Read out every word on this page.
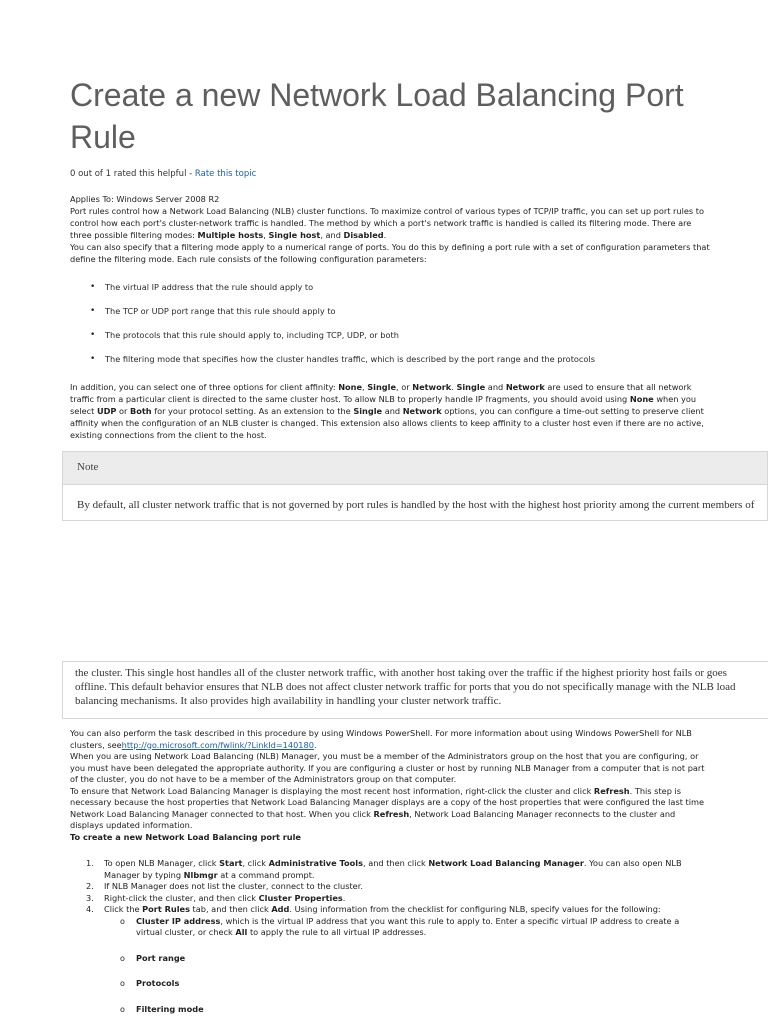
Create a new Network Load Balancing Port Rule
0 out of 1 rated this helpful - Rate this topic

Applies To: Windows Server 2008 R2

Port rules control how a Network Load Balancing (NLB) cluster functions. To maximize control of various types of TCP/IP traffic, you can set up port rules to control how each port's cluster-network traffic is handled. The method by which a port's network traffic is handled is called its filtering mode. There are three possible filtering modes: Multiple hosts, Single host, and Disabled.

You can also specify that a filtering mode apply to a numerical range of ports. You do this by defining a port rule with a set of configuration parameters that define the filtering mode. Each rule consists of the following configuration parameters:

• The virtual IP address that the rule should apply to
• The TCP or UDP port range that this rule should apply to
• The protocols that this rule should apply to, including TCP, UDP, or both
• The filtering mode that specifies how the cluster handles traffic, which is described by the port range and the protocols

In addition, you can select one of three options for client affinity: None, Single, or Network. Single and Network are used to ensure that all network traffic from a particular client is directed to the same cluster host. To allow NLB to properly handle IP fragments, you should avoid using None when you select UDP or Both for your protocol setting. As an extension to the Single and Network options, you can configure a time-out setting to preserve client affinity when the configuration of an NLB cluster is changed. This extension also allows clients to keep affinity to a cluster host even if there are no active, existing connections from the client to the host.

Note
By default, all cluster network traffic that is not governed by port rules is handled by the host with the highest host priority among the current members of
the cluster. This single host handles all of the cluster network traffic, with another host taking over the traffic if the highest priority host fails or goes
offline. This default behavior ensures that NLB does not affect cluster network traffic for ports that you do not specifically manage with the NLB load
balancing mechanisms. It also provides high availability in handling your cluster network traffic.

You can also perform the task described in this procedure by using Windows PowerShell. For more information about using Windows PowerShell for NLB clusters, seehttp://go.microsoft.com/fwlink/?LinkId=140180.

When you are using Network Load Balancing (NLB) Manager, you must be a member of the Administrators group on the host that you are configuring, or you must have been delegated the appropriate authority. If you are configuring a cluster or host by running NLB Manager from a computer that is not part of the cluster, you do not have to be a member of the Administrators group on that computer.

To ensure that Network Load Balancing Manager is displaying the most recent host information, right-click the cluster and click Refresh. This step is necessary because the host properties that Network Load Balancing Manager displays are a copy of the host properties that were configured the last time Network Load Balancing Manager connected to that host. When you click Refresh, Network Load Balancing Manager reconnects to the cluster and displays updated information.

To create a new Network Load Balancing port rule

1. To open NLB Manager, click Start, click Administrative Tools, and then click Network Load Balancing Manager. You can also open NLB Manager by typing Nlbmgr at a command prompt.
2. If NLB Manager does not list the cluster, connect to the cluster.
3. Right-click the cluster, and then click Cluster Properties.
4. Click the Port Rules tab, and then click Add. Using information from the checklist for configuring NLB, specify values for the following:
o Cluster IP address, which is the virtual IP address that you want this rule to apply to. Enter a specific virtual IP address to create a virtual cluster, or check All to apply the rule to all virtual IP addresses.
o Port range
o Protocols
o Filtering mode
